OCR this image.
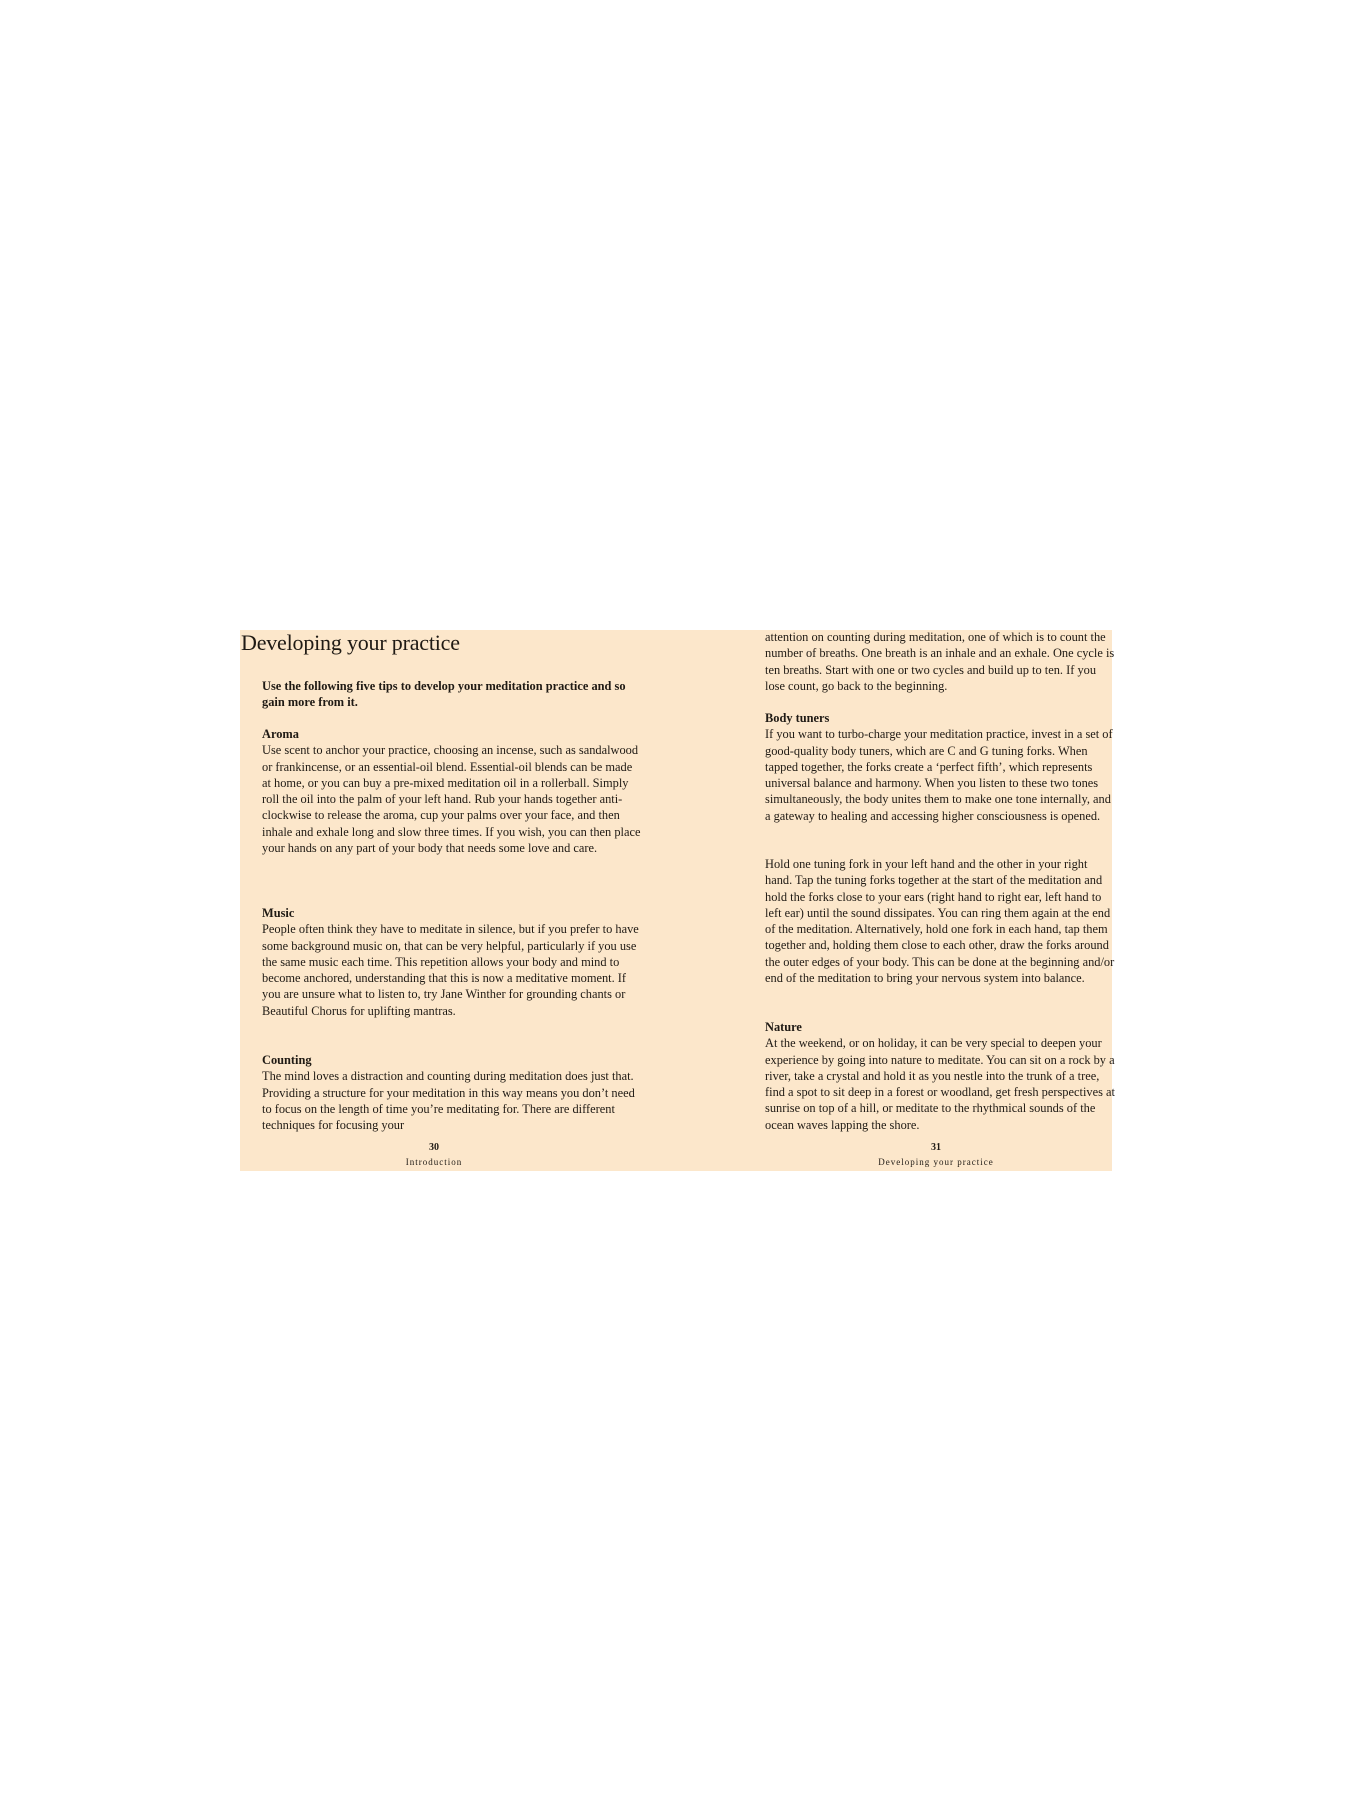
Developing your practice

Use the following five tips to develop your meditation practice and so gain more from it.

Aroma

Use scent to anchor your practice, choosing an incense, such as sandalwood or frankincense, or an essential-oil blend. Essential-oil blends can be made at home, or you can buy a pre-mixed meditation oil in a rollerball. Simply roll the oil into the palm of your left hand. Rub your hands together anti-clockwise to release the aroma, cup your palms over your face, and then inhale and exhale long and slow three times. If you wish, you can then place your hands on any part of your body that needs some love and care.

Music

People often think they have to meditate in silence, but if you prefer to have some background music on, that can be very helpful, particularly if you use the same music each time. This repetition allows your body and mind to become anchored, understanding that this is now a meditative moment. If you are unsure what to listen to, try Jane Winther for grounding chants or Beautiful Chorus for uplifting mantras.

Counting

The mind loves a distraction and counting during meditation does just that. Providing a structure for your meditation in this way means you don’t need to focus on the length of time you’re meditating for. There are different techniques for focusing your

30
Introduction

attention on counting during meditation, one of which is to count the number of breaths. One breath is an inhale and an exhale. One cycle is ten breaths. Start with one or two cycles and build up to ten. If you lose count, go back to the beginning.

Body tuners

If you want to turbo-charge your meditation practice, invest in a set of good-quality body tuners, which are C and G tuning forks. When tapped together, the forks create a ‘perfect fifth’, which represents universal balance and harmony. When you listen to these two tones simultaneously, the body unites them to make one tone internally, and a gateway to healing and accessing higher consciousness is opened.

Hold one tuning fork in your left hand and the other in your right hand. Tap the tuning forks together at the start of the meditation and hold the forks close to your ears (right hand to right ear, left hand to left ear) until the sound dissipates. You can ring them again at the end of the meditation. Alternatively, hold one fork in each hand, tap them together and, holding them close to each other, draw the forks around the outer edges of your body. This can be done at the beginning and/or end of the meditation to bring your nervous system into balance.

Nature

At the weekend, or on holiday, it can be very special to deepen your experience by going into nature to meditate. You can sit on a rock by a river, take a crystal and hold it as you nestle into the trunk of a tree, find a spot to sit deep in a forest or woodland, get fresh perspectives at sunrise on top of a hill, or meditate to the rhythmical sounds of the ocean waves lapping the shore.

31
Developing your practice
